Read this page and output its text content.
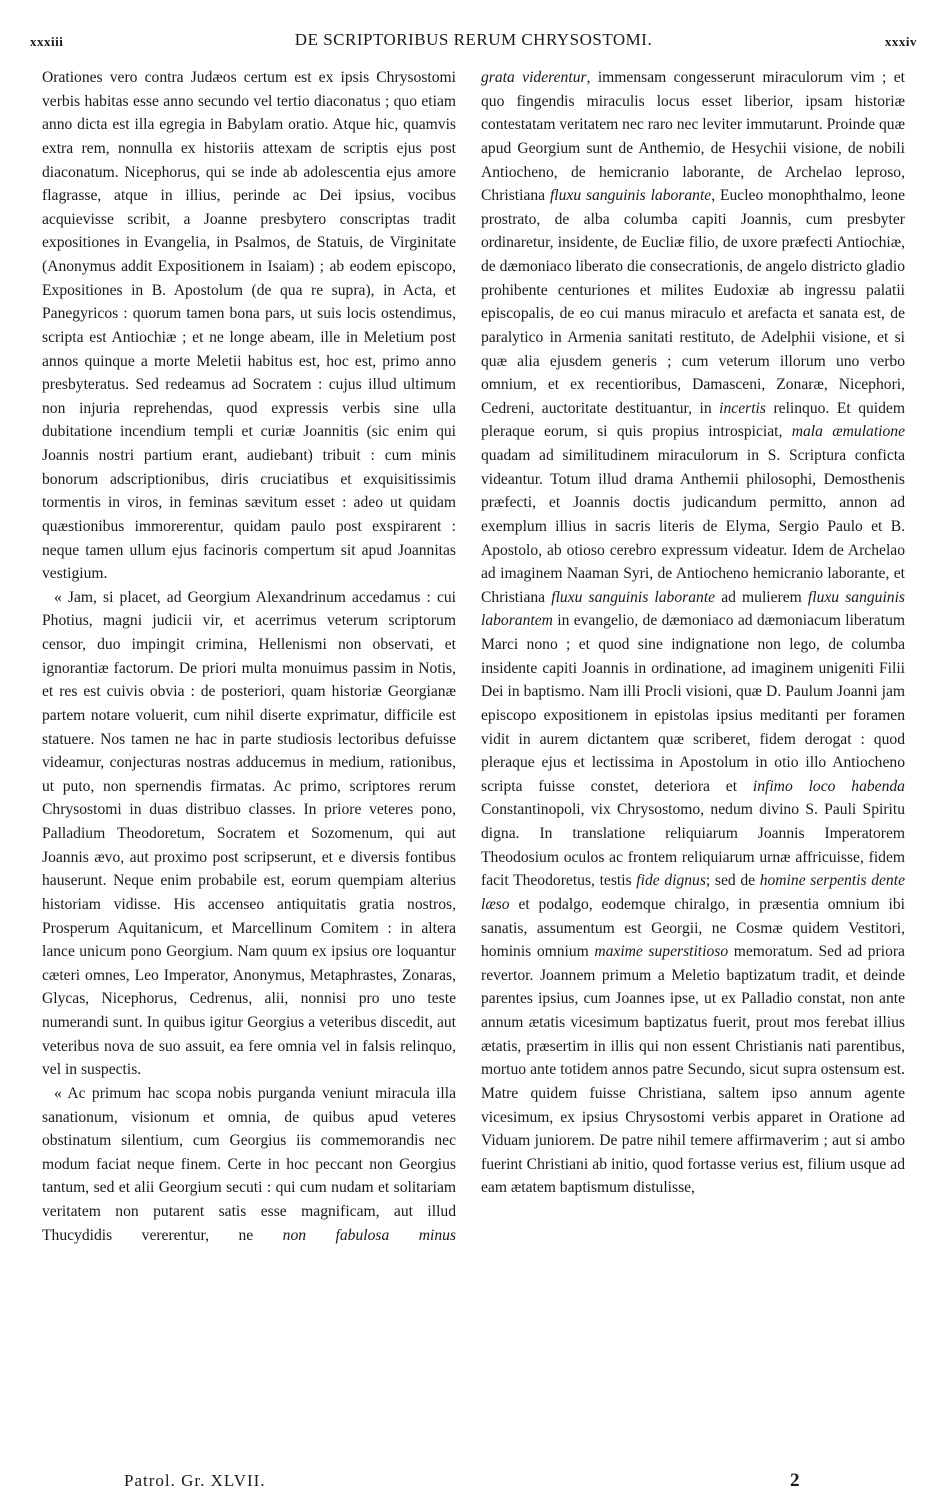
xxxiii	DE SCRIPTORIBUS RERUM CHRYSOSTOMI.	xxxiv

Orationes vero contra Judæos certum est ex ipsis Chrysostomi verbis habitas esse anno secundo vel tertio diaconatus ; quo etiam anno dicta est illa egregia in Babylam oratio. Atque hic, quamvis extra rem, nonnulla ex historiis attexam de scriptis ejus post diaconatum. Nicephorus, qui se inde ab adolescentia ejus amore flagrasse, atque in illius, perinde ac Dei ipsius, vocibus acquievisse scribit, a Joanne presbytero conscriptas tradit expositiones in Evangelia, in Psalmos, de Statuis, de Virginitate (Anonymus addit Expositionem in Isaiam) ; ab eodem episcopo, Expositiones in B. Apostolum (de qua re supra), in Acta, et Panegyricos : quorum tamen bona pars, ut suis locis ostendimus, scripta est Antiochiæ ; et ne longe abeam, ille in Meletium post annos quinque a morte Meletii habitus est, hoc est, primo anno presbyteratus. Sed redeamus ad Socratem : cujus illud ultimum non injuria reprehendas, quod expressis verbis sine ulla dubitatione incendium templi et curiæ Joannitis (sic enim qui Joannis nostri partium erant, audiebant) tribuit : cum minis bonorum adscriptionibus, diris cruciatibus et exquisitissimis tormentis in viros, in feminas sævitum esset : adeo ut quidam quæstionibus immorerentur, quidam paulo post exspirarent : neque tamen ullum ejus facinoris compertum sit apud Joannitas vestigium.

« Jam, si placet, ad Georgium Alexandrinum accedamus : cui Photius, magni judicii vir, et acerrimus veterum scriptorum censor, duo impingit crimina, Hellenismi non observati, et ignorantiæ factorum. De priori multa monuimus passim in Notis, et res est cuivis obvia : de posteriori, quam historiæ Georgianæ partem notare voluerit, cum nihil diserte exprimatur, difficile est statuere. Nos tamen ne hac in parte studiosis lectoribus defuisse videamur, conjecturas nostras adducemus in medium, rationibus, ut puto, non spernendis firmatas. Ac primo, scriptores rerum Chrysostomi in duas distribuo classes. In priore veteres pono, Palladium Theodoretum, Socratem et Sozomenum, qui aut Joannis ævo, aut proximo post scripserunt, et e diversis fontibus hauserunt. Neque enim probabile est, eorum quempiam alterius historiam vidisse. His accenseo antiquitatis gratia nostros, Prosperum Aquitanicum, et Marcellinum Comitem : in altera lance unicum pono Georgium. Nam quum ex ipsius ore loquantur cæteri omnes, Leo Imperator, Anonymus, Metaphrastes, Zonaras, Glycas, Nicephorus, Cedrenus, alii, nonnisi pro uno teste numerandi sunt. In quibus igitur Georgius a veteribus discedit, aut veteribus nova de suo assuit, ea fere omnia vel in falsis relinquo, vel in suspectis.

« Ac primum hac scopa nobis purganda veniunt miracula illa sanationum, visionum et omnia, de quibus apud veteres obstinatum silentium, cum Georgius iis commemorandis nec modum faciat neque finem. Certe in hoc peccant non Georgius tantum, sed et alii Georgium secuti : qui cum nudam et solitariam veritatem non putarent satis esse magnificam, aut illud Thucydidis vererentur, ne non fabulosa minus

grata viderentur, immensam congesserunt miraculorum vim ; et quo fingendis miraculis locus esset liberior, ipsam historiæ contestatam veritatem nec raro nec leviter immutarunt. Proinde quæ apud Georgium sunt de Anthemio, de Hesychii visione, de nobili Antiocheno, de hemicranio laborante, de Archelao leproso, Christiana fluxu sanguinis laborante, Eucleo monophthalmo, leone prostrato, de alba columba capiti Joannis, cum presbyter ordinaretur, insidente, de Eucliæ filio, de uxore præfecti Antiochiæ, de dæmoniaco liberato die consecrationis, de angelo districto gladio prohibente centuriones et milites Eudoxiæ ab ingressu palatii episcopalis, de eo cui manus miraculo et arefacta et sanata est, de paralytico in Armenia sanitati restituto, de Adelphii visione, et si quæ alia ejusdem generis ; cum veterum illorum uno verbo omnium, et ex recentioribus, Damasceni, Zonaræ, Nicephori, Cedreni, auctoritate destituantur, in incertis relinquo. Et quidem pleraque eorum, si quis propius introspiciat, mala æmulatione quadam ad similitudinem miraculorum in S. Scriptura conficta videantur. Totum illud drama Anthemii philosophi, Demosthenis præfecti, et Joannis doctis judicandum permitto, annon ad exemplum illius in sacris literis de Elyma, Sergio Paulo et B. Apostolo, ab otioso cerebro expressum videatur. Idem de Archelao ad imaginem Naaman Syri, de Antiocheno hemicranio laborante, et Christiana fluxu sanguinis laborante ad mulierem fluxu sanguinis laborantem in evangelio, de dæmoniaco ad dæmoniacum liberatum Marci nono ; et quod sine indignatione non lego, de columba insidente capiti Joannis in ordinatione, ad imaginem unigeniti Filii Dei in baptismo. Nam illi Procli visioni, quæ D. Paulum Joanni jam episcopo expositionem in epistolas ipsius meditanti per foramen vidit in aurem dictantem quæ scriberet, fidem derogat : quod pleraque ejus et lectissima in Apostolum in otio illo Antiocheno scripta fuisse constet, deteriora et infimo loco habenda Constantinopoli, vix Chrysostomo, nedum divino S. Pauli Spiritu digna. In translatione reliquiarum Joannis Imperatorem Theodosium oculos ac frontem reliquiarum urnæ affricuisse, fidem facit Theodoretus, testis fide dignus; sed de homine serpentis dente læso et podalgo, eodemque chiralgo, in præsentia omnium ibi sanatis, assumentum est Georgii, ne Cosmæ quidem Vestitori, hominis omnium maxime superstitioso memoratum. Sed ad priora revertor. Joannem primum a Meletio baptizatum tradit, et deinde parentes ipsius, cum Joannes ipse, ut ex Palladio constat, non ante annum ætatis vicesimum baptizatus fuerit, prout mos ferebat illius ætatis, præsertim in illis qui non essent Christianis nati parentibus, mortuo ante totidem annos patre Secundo, sicut supra ostensum est. Matre quidem fuisse Christiana, saltem ipso annum agente vicesimum, ex ipsius Chrysostomi verbis apparet in Oratione ad Viduam juniorem. De patre nihil temere affirmaverim ; aut si ambo fuerint Christiani ab initio, quod fortasse verius est, filium usque ad eam ætatem baptismum distulisse,

Patrol. Gr. XLVII.	2
